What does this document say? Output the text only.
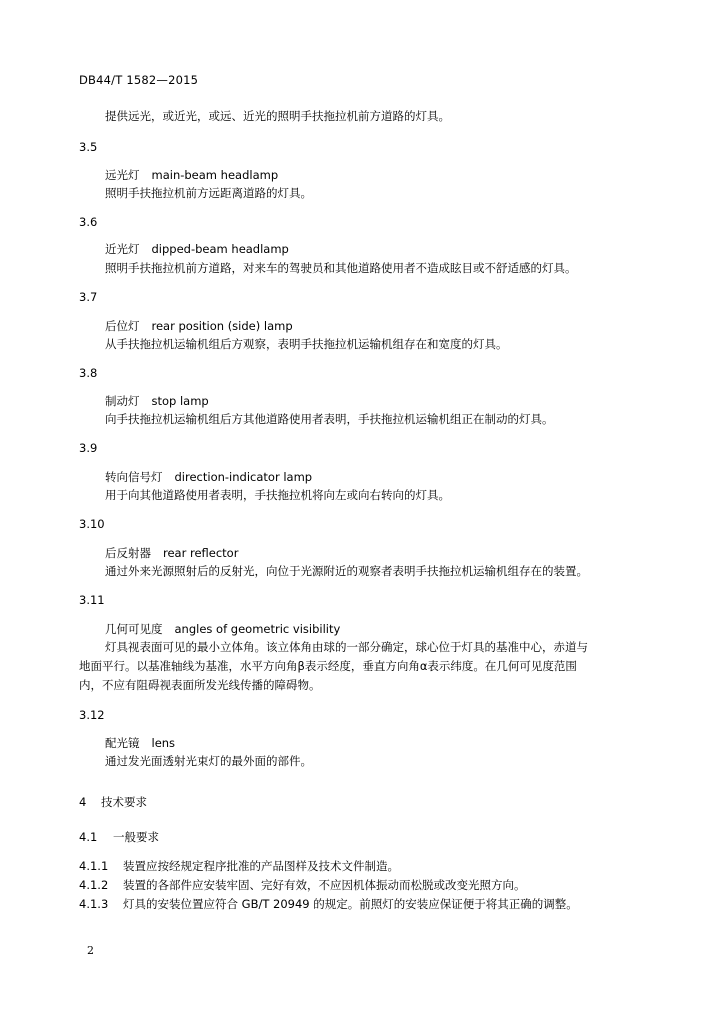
DB44/T 1582—2015
提供远光，或近光，或远、近光的照明手扶拖拉机前方道路的灯具。
3.5
远光灯 main-beam headlamp
照明手扶拖拉机前方远距离道路的灯具。
3.6
近光灯 dipped-beam headlamp
照明手扶拖拉机前方道路，对来车的驾驶员和其他道路使用者不造成眩目或不舒适感的灯具。
3.7
后位灯 rear position (side) lamp
从手扶拖拉机运输机组后方观察，表明手扶拖拉机运输机组存在和宽度的灯具。
3.8
制动灯 stop lamp
向手扶拖拉机运输机组后方其他道路使用者表明，手扶拖拉机运输机组正在制动的灯具。
3.9
转向信号灯 direction-indicator lamp
用于向其他道路使用者表明，手扶拖拉机将向左或向右转向的灯具。
3.10
后反射器 rear reflector
通过外来光源照射后的反射光，向位于光源附近的观察者表明手扶拖拉机运输机组存在的装置。
3.11
几何可见度 angles of geometric visibility
灯具视表面可见的最小立体角。该立体角由球的一部分确定，球心位于灯具的基准中心，赤道与
地面平行。以基准轴线为基准，水平方向角β表示经度，垂直方向角α表示纬度。在几何可见度范围
内，不应有阻碍视表面所发光线传播的障碍物。
3.12
配光镜 lens
通过发光面透射光束灯的最外面的部件。
4 技术要求
4.1 一般要求
4.1.1 装置应按经规定程序批准的产品图样及技术文件制造。
4.1.2 装置的各部件应安装牢固、完好有效，不应因机体振动而松脱或改变光照方向。
4.1.3 灯具的安装位置应符合 GB/T 20949 的规定。前照灯的安装应保证便于将其正确的调整。
2
